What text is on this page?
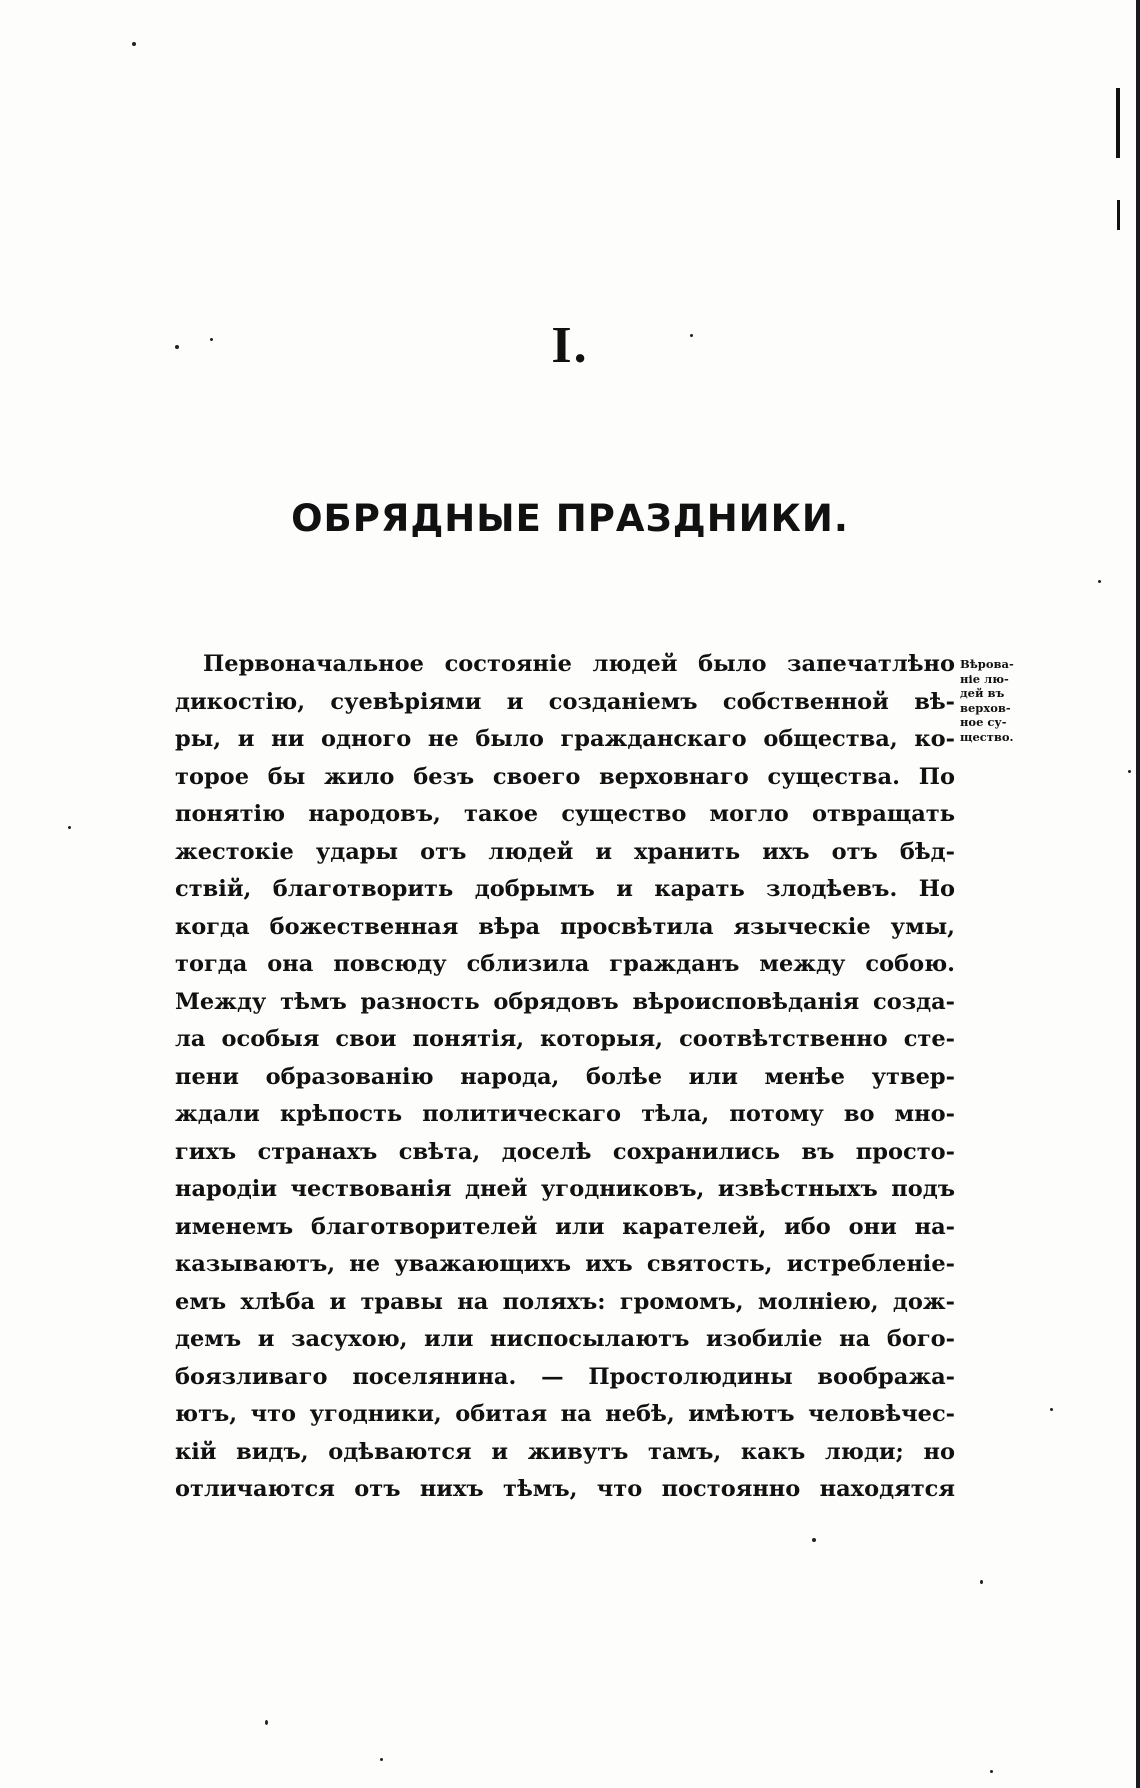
I.
ОБРЯДНЫЕ ПРАЗДНИКИ.
Первоначальное состояніе людей было запечатлѣно
дикостію, суевѣріями и созданіемъ собственной вѣ-
ры, и ни одного не было гражданскаго общества, ко-
торое бы жило безъ своего верховнаго существа. По
понятію народовъ, такое существо могло отвращать
жестокіе удары отъ людей и хранить ихъ отъ бѣд-
ствій, благотворить добрымъ и карать злодѣевъ. Но
когда божественная вѣра просвѣтила языческіе умы,
тогда она повсюду сблизила гражданъ между собою.
Между тѣмъ разность обрядовъ вѣроисповѣданія созда-
ла особыя свои понятія, которыя, соотвѣтственно сте-
пени образованію народа, болѣе или менѣе утвер-
ждали крѣпость политическаго тѣла, потому во мно-
гихъ странахъ свѣта, доселѣ сохранились въ просто-
народіи чествованія дней угодниковъ, извѣстныхъ подъ
именемъ благотворителей или карателей, ибо они на-
казываютъ, не уважающихъ ихъ святость, истребленіе-
емъ хлѣба и травы на поляхъ: громомъ, молніею, дож-
демъ и засухою, или ниспосылаютъ изобиліе на бого-
боязливаго поселянина. — Простолюдины вообража-
ютъ, что угодники, обитая на небѣ, имѣютъ человѣчес-
кій видъ, одѣваются и живутъ тамъ, какъ люди; но
отличаются отъ нихъ тѣмъ, что постоянно находятся
Вѣрова-
ніе лю-
дей въ
верхов-
ное су-
щество.
